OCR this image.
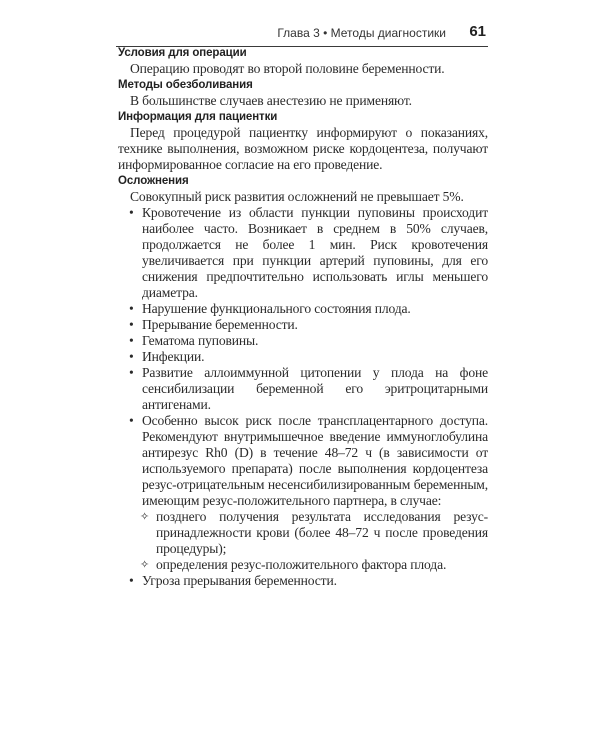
Глава 3 • Методы диагностики 61
Условия для операции

Операцию проводят во второй половине беременности.

Методы обезболивания

В большинстве случаев анестезию не применяют.

Информация для пациентки

Перед процедурой пациентку информируют о показаниях, технике выполнения, возможном риске кордоцентеза, получают информированное согласие на его проведение.

Осложнения

Совокупный риск развития осложнений не превышает 5%.

• Кровотечение из области пункции пуповины происходит наиболее часто. Возникает в среднем в 50% случаев, продолжается не более 1 мин. Риск кровотечения увеличивается при пункции артерий пуповины, для его снижения предпочтительно использовать иглы меньшего диаметра.
• Нарушение функционального состояния плода.
• Прерывание беременности.
• Гематома пуповины.
• Инфекции.
• Развитие аллоиммунной цитопении у плода на фоне сенсибилизации беременной его эритроцитарными антигенами.
• Особенно высок риск после трансплацентарного доступа. Рекомендуют внутримышечное введение иммуноглобулина антирезус Rh0 (D) в течение 48–72 ч (в зависимости от используемого препарата) после выполнения кордоцентеза резус-отрицательным несенсибилизированным беременным, имеющим резус-положительного партнера, в случае:
✧ позднего получения результата исследования резус-принадлежности крови (более 48–72 ч после проведения процедуры);
✧ определения резус-положительного фактора плода.
• Угроза прерывания беременности.
